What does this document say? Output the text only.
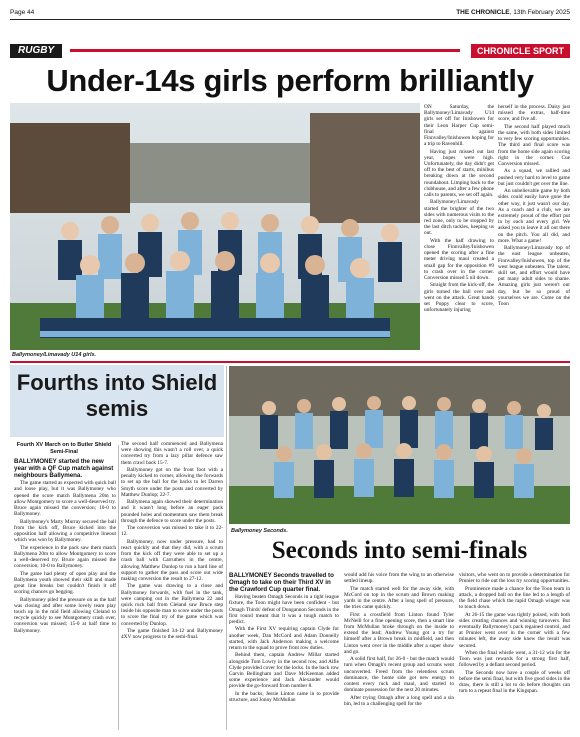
Page 44	THE CHRONICLE, 13th February 2025
RUGBY	CHRONICLE SPORT
Under-14s girls perform brilliantly
Ballymoney/Limavady U14 girls.

ON Saturday, the Ballymoney/Limavady U14 girls set off for Inishowen for their Leon Harper Cup semi-final against Finnvalley/Inishowen hoping for a trip to Ravenhill.

Having just missed out last year, hopes were high. Unfortunately, the day didn't get off to the best of starts, minibus breaking down at the second roundabout. Limping back to the clubhouse, and after a few phone calls to parents, we set off again.

Ballymoney/Limavady started the brighter of the two sides with numerous visits to the red zone, only to be stopped by the last ditch tackles, keeping us out.

With the half drawing to close Finnvalley/Inishowen opened the scoring after a fine meter driving maul created a small gap for the opposition #9 to crash over in the corner. Conversion missed 5 nil down.

Straight from the kick-off, the girls turned the ball over and went on the attack. Great hands set Poppy clear to score, unfortunately injuring

herself in the process. Daisy just missed the extras, half-time score, and five all.

The second half played much the same, with both sides limited to very few scoring opportunities. The third and final score was from the home side again scoring right in the corner. Cue Conversion missed.

As a squad, we rallied and pushed very hard to level to game but just couldn't get over the line.

An unbelievable game by both sides could easily have gone the other way, it just wasn't our day. As a coach and a club, we are extremely proud of the effort put in by each and every girl. We asked you to leave it all out there on the pitch. You all did, and more. What a game!

Ballymoney/Limavady top of the east league unbeaten, Finnvalley/Inishowen, top of the west league unbeaten. The talent, skill set, and effort would have put many adult sides to shame. Amazing girls just weren't our day, but be so proud of yourselves we are. Come on the Toon

Fourths into Shield semis
Fourth XV March on to Butler Shield Semi-Final

BALLYMONEY started the new year with a QF Cup match against neighbours Ballymena.

The game started as expected with quick ball and loose play, but it was Ballymoney who opened the score match Ballymena 20m to allow Montgomery to score a well-deserved try. Bruce again missed the conversion; 10-0 to Ballymoney.

Ballymoney's Marty Murray secured the ball from the kick off, Bruce kicked into the opposition half allowing a competitive lineout which was won by Ballymoney.

The experience in the pack saw them match Ballymena 20m to allow Montgomery to score a well-deserved try. Bruce again missed the conversion; 10-0 to Ballymoney.

The game had plenty of open play and the Ballymena youth showed their skill and made great line breaks but couldn't finish it off scoring chances go begging.

Ballymoney piled the pressure on as the half was closing and after some lovely team play touch up in the mid field allowing Cleland to recycle quickly to see Montgomery crash over, conversion was missed; 15-0 at half time to Ballymoney.

The second half commenced and Ballymena were showing this wasn't a roll over, a quick converted try from a lazy pillar defence saw them crawl back 15-7.

Ballymoney got on the front foot with a penalty kicked to corner, allowing the forwards to set up the ball for the backs to let Darren Smyth score under the posts and converted by Matthew Dunlop; 22-7.

Ballymena again showed their determination and it wasn't long before an eager pack pounded holes and momentum saw them break through the defence to score under the posts.

The conversion was missed to take it to 22-12.

Ballymoney, now under pressure, had to react quickly and that they did, with a scrum from the kick off they were able to set up a crash ball with Carruthers in the centre, allowing Matthew Dunlop to run a hard line of support to gather the pass and score out wide making conversion the result to 27-12.

The game was drawing to a close and Ballymoney forwards, with fuel in the tank, were camping out in the Ballymena 22 and quick ruck ball from Cleland saw Bruce step inside his opposite man to score under the posts to score the final try of the game which was converted by Dunlop.

The game finished 34-12 and Ballymoney 4XV now progress to the semi-final.

Ballymoney Seconds.
Seconds into semi-finals

BALLYMONEY Seconds travelled to Omagh to take on their Third XV in the Crawford Cup quarter final.

Having beaten Omagh Seconds in a tight league fixture, the Toon might have been confident - but Omagh Thirds' defeat of Dungannon Seconds in the first round meant that it was a tough match to predict.

With the First XV requiring captain Clyde for another week, Dan McCord and Adam Donnelly started, with Jack Anderson making a welcome return to the squad to prove front row duties.

Behind them, captain Andrew Millar started alongside Tom Lowry in the second row, and Alfie Clyde provided cover for the locks. In the back row Garvin Bellingham and Dave McKeeman added some experience and Jack Alexander would provide the go-forward from number 8.

In the backs, Jessie Linton came in to provide structure, and Jonny McMullan

would add his voice from the wing to an otherwise settled lineup.

The match started well for the away side, with McCord on top in the scrum and Brown making yards in the centre. After a long spell of pressure, the tries came quickly.

First a crossfield from Linton found Tyler McNeill for a fine opening score, then a smart line from McMullan broke through on the inside to extend the lead; Andrew Young got a try for himself after a Brown break in midfield, and then Linton went over in the middle after a super show and go.

A solid first half, for 26-0 - but the match would turn when Omagh's recent group and scrums went unconverted. Freed from the relentless scrum dominance, the home side got new energy to contest every ruck and maul, and started to dominate possession for the next 20 minutes.

After trying Omagh after a long spell and a sin bin, led to a challenging spell for the

visitors, who went on to provide a determination for Prunier to ride out the loss try scoring opportunities.

Prominence made a chance for the Toon team in attack, a dropped ball on the line led to a length of the field chase which the rapid Omagh winger was to touch down.

At 26-15 the game was tightly poised, with both sides creating chances and winning turnovers. But eventually Ballymoney's pack regained control, and at Prunier went over in the corner with a few minutes left, the away side knew the result was secured.

When the final whistle went, a 31-12 win for the Toon was just rewards for a strong first half, followed by a defiant second period.

The Seconds now have a couple of weeks off before the semi final, but with five good sides in the draw, there is still a lot to do before thoughts can turn to a repeat final in the Kingspan.
